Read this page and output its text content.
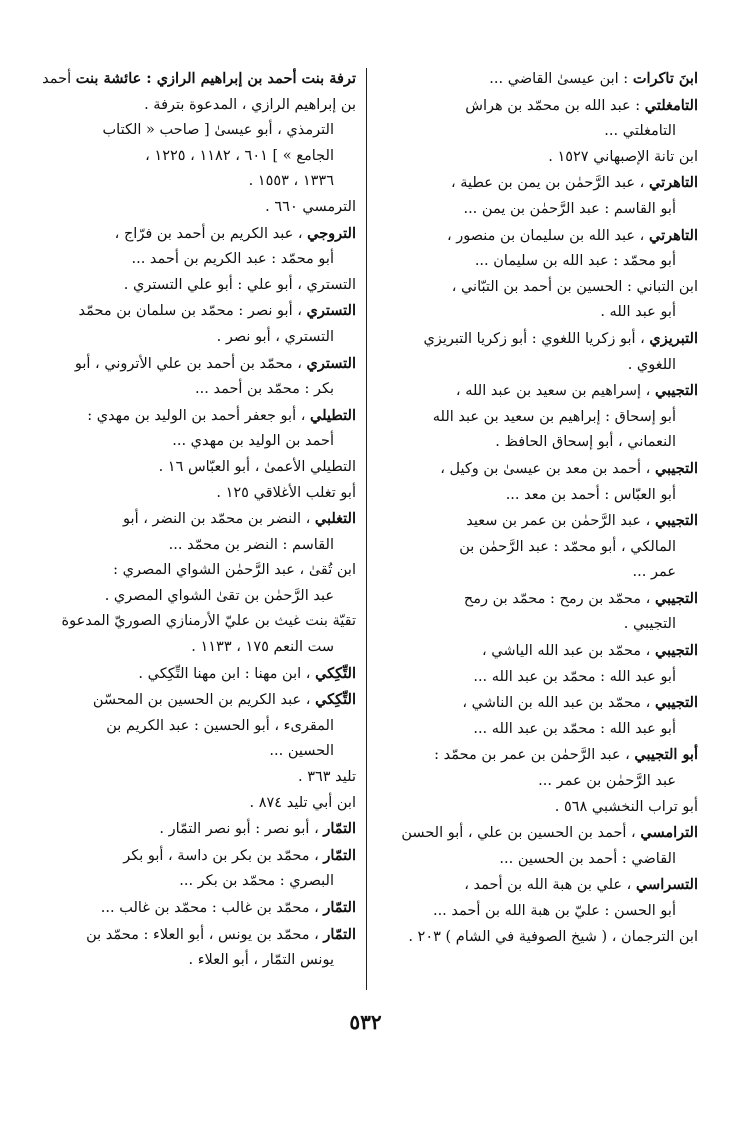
ابنَ تاكرات : ابن عيسىٰ القاضي ...
التامغلتي : عبد الله بن محمّد بن هراش
التامغلتي ...
ابن تانة الإصبهاني ١٥٢٧ .
التاهرتي ، عبد الرَّحمٰن بن يمن بن عطية ،
أبو القاسم : عبد الرَّحمٰن بن يمن ...
التاهرتي ، عبد الله بن سليمان بن منصور ،
أبو محمّد : عبد الله بن سليمان ...
ابن التباني : الحسين بن أحمد بن التبّاني ،
أبو عبد الله .
التبريزي ، أبو زكريا اللغوي : أبو زكريا التبريزي
اللغوي .
التجيبي ، إسراهيم بن سعيد بن عبد الله ،
أبو إسحاق : إبراهيم بن سعيد بن عبد الله
النعماني ، أبو إسحاق الحافظ .
التجيبي ، أحمد بن معد بن عيسىٰ بن وكيل ،
أبو العبّاس : أحمد بن معد ...
التجيبي ، عبد الرَّحمٰن بن عمر بن سعيد
المالكي ، أبو محمّد : عبد الرَّحمٰن بن
عمر ...
التجيبي ، محمّد بن رمح : محمّد بن رمح
التجيبي .
التجيبي ، محمّد بن عبد الله الياشي ،
أبو عبد الله : محمّد بن عبد الله ...
التجيبي ، محمّد بن عبد الله بن الناشي ،
أبو عبد الله : محمّد بن عبد الله ...
أبو التجيبي ، عبد الرَّحمٰن بن عمر بن محمّد :
عبد الرَّحمٰن بن عمر ...
أبو تراب النخشبي ٥٦٨ .
الترامسي ، أحمد بن الحسين بن علي ، أبو الحسن
القاضي : أحمد بن الحسين ...
التسراسي ، علي بن هبة الله بن أحمد ،
أبو الحسن : عليّ بن هبة الله بن أحمد ...
ابن الترجمان ، ( شيخ الصوفية في الشام ) ٢٠٣ .
ترفة بنت أحمد بن إبراهيم الرازي : عائشة بنت أحمد بن إبراهيم الرازي ، المدعوة بترفة .
الترمذي ، أبو عيسىٰ [ صاحب « الكتاب
الجامع » ] ٦٠١ ، ١١٨٢ ، ١٢٢٥ ،
١٣٣٦ ، ١٥٥٣ .
الترمسي ٦٦٠ .
التروجي ، عبد الكريم بن أحمد بن فرّاج ،
أبو محمّد : عبد الكريم بن أحمد ...
التستري ، أبو علي : أبو علي التستري .
التستري ، أبو نصر : محمّد بن سلمان بن محمّد
التستري ، أبو نصر .
التستري ، محمّد بن أحمد بن علي الأتروني ، أبو
بكر : محمّد بن أحمد ...
التطيلي ، أبو جعفر أحمد بن الوليد بن مهدي :
أحمد بن الوليد بن مهدي ...
التطيلي الأعمىٰ ، أبو العبّاس ١٦ .
أبو تغلب الأغلاقي ١٢٥ .
التغلبي ، النضر بن محمّد بن النضر ، أبو
القاسم : النضر بن محمّد ...
ابن تُقىٰ ، عبد الرَّحمٰن الشواي المصري :
عبد الرَّحمٰن بن تقىٰ الشواي المصري .
تقيّة بنت غيث بن عليّ الأرمنازي الصوريّ المدعوة
ست النعم ١٧٥ ، ١١٣٣ .
التِّكِكي ، ابن مهنا : ابن مهنا التِّكِكي .
التِّكِكي ، عبد الكريم بن الحسين بن المحسّن
المقرىء ، أبو الحسين : عبد الكريم بن
الحسين ...
تليد ٣٦٣ .
ابن أبي تليد ٨٧٤ .
التمّار ، أبو نصر : أبو نصر التمّار .
التمّار ، محمّد بن بكر بن داسة ، أبو بكر
البصري : محمّد بن بكر ...
التمّار ، محمّد بن غالب : محمّد بن غالب ...
التمّار ، محمّد بن يونس ، أبو العلاء : محمّد بن
يونس التمّار ، أبو العلاء .
٥٣٢
